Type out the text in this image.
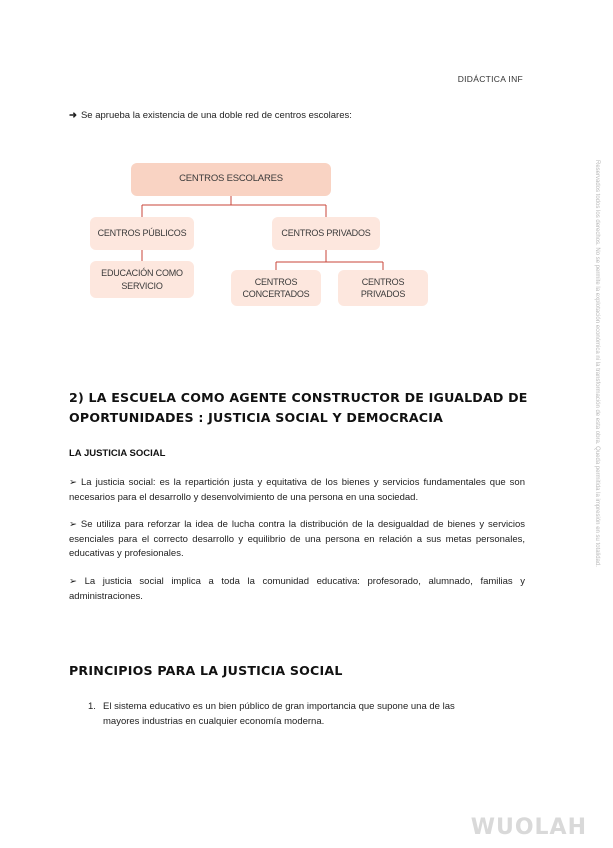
DIDÁCTICA INF
➜ Se aprueba la existencia de una doble red de centros escolares:
CENTROS ESCOLARES
CENTROS PÚBLICOS	CENTROS PRIVADOS
EDUCACIÓN COMO
SERVICIO	CENTROS
CONCERTADOS
CENTROS
PRIVADOS
2) LA ESCUELA COMO AGENTE CONSTRUCTOR DE IGUALDAD DE
OPORTUNIDADES : JUSTICIA SOCIAL Y DEMOCRACIA
LA JUSTICIA SOCIAL
➢ La justicia social: es la repartición justa y equitativa de los bienes y servicios fundamentales que son necesarios para el desarrollo y desenvolvimiento de una persona en una sociedad.
➢ Se utiliza para reforzar la idea de lucha contra la distribución de la desigualdad de bienes y servicios esenciales para el correcto desarrollo y equilibrio de una persona en relación a sus metas personales, educativas y profesionales.
➢ La justicia social implica a toda la comunidad educativa: profesorado, alumnado, familias y administraciones.
PRINCIPIOS PARA LA JUSTICIA SOCIAL
1. El sistema educativo es un bien público de gran importancia que supone una de las
mayores industrias en cualquier economía moderna.
Reservados todos los derechos. No se permite la explotación económica ni la transformación de esta obra. Queda permitida la impresión en su totalidad.
WUOLAH
